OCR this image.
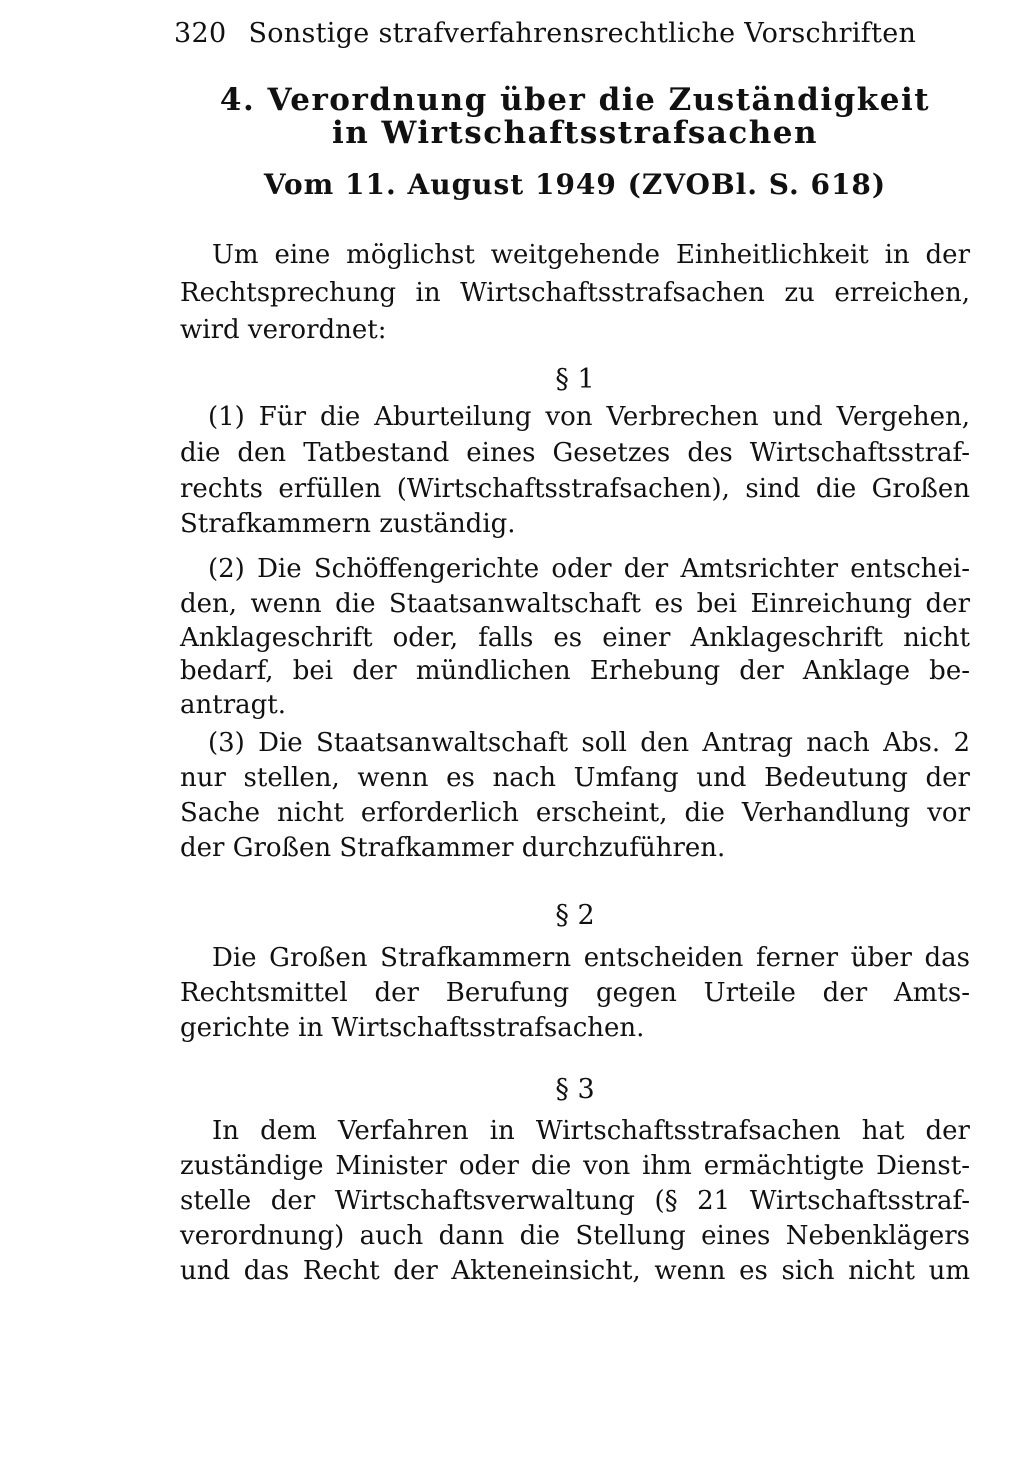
320 Sonstige strafverfahrensrechtliche Vorschriften
4. Verordnung über die Zuständigkeit
in Wirtschaftsstrafsachen
Vom 11. August 1949 (ZVOBl. S. 618)
Um eine möglichst weitgehende Einheitlichkeit in der
Rechtsprechung in Wirtschaftsstrafsachen zu erreichen,
wird verordnet:
§ 1
(1) Für die Aburteilung von Verbrechen und Vergehen,
die den Tatbestand eines Gesetzes des Wirtschaftsstraf-
rechts erfüllen (Wirtschaftsstrafsachen), sind die Großen
Strafkammern zuständig.
(2) Die Schöffengerichte oder der Amtsrichter entschei-
den, wenn die Staatsanwaltschaft es bei Einreichung der
Anklageschrift oder, falls es einer Anklageschrift nicht
bedarf, bei der mündlichen Erhebung der Anklage be-
antragt.
(3) Die Staatsanwaltschaft soll den Antrag nach Abs. 2
nur stellen, wenn es nach Umfang und Bedeutung der
Sache nicht erforderlich erscheint, die Verhandlung vor
der Großen Strafkammer durchzuführen.
§ 2
Die Großen Strafkammern entscheiden ferner über das
Rechtsmittel der Berufung gegen Urteile der Amts-
gerichte in Wirtschaftsstrafsachen.
§ 3
In dem Verfahren in Wirtschaftsstrafsachen hat der
zuständige Minister oder die von ihm ermächtigte Dienst-
stelle der Wirtschaftsverwaltung (§ 21 Wirtschaftsstraf-
verordnung) auch dann die Stellung eines Nebenklägers
und das Recht der Akteneinsicht, wenn es sich nicht um
